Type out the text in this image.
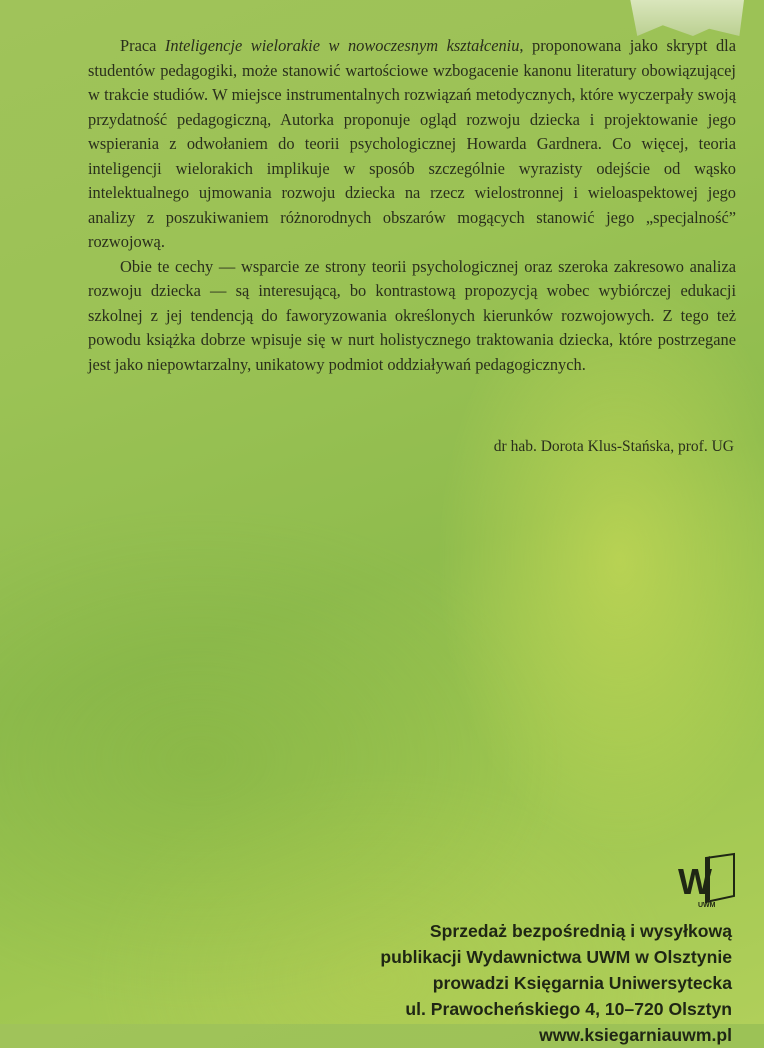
Praca Inteligencje wielorakie w nowoczesnym kształceniu, proponowana jako skrypt dla studentów pedagogiki, może stanowić wartościowe wzbogacenie kanonu literatury obowiązującej w trakcie studiów. W miejsce instrumentalnych rozwiązań metodycznych, które wyczerpały swoją przydatność pedagogiczną, Autorka proponuje ogląd rozwoju dziecka i projektowanie jego wspierania z odwołaniem do teorii psychologicznej Howarda Gardnera. Co więcej, teoria inteligencji wielorakich implikuje w sposób szczególnie wyrazisty odejście od wąsko intelektualnego ujmowania rozwoju dziecka na rzecz wielostronnej i wieloaspektowej jego analizy z poszukiwaniem różnorodnych obszarów mogących stanowić jego „specjalność” rozwojową.

Obie te cechy — wsparcie ze strony teorii psychologicznej oraz szeroka zakresowo analiza rozwoju dziecka — są interesującą, bo kontrastową propozycją wobec wybiórczej edukacji szkolnej z jej tendencją do faworyzowania określonych kierunków rozwojowych. Z tego też powodu książka dobrze wpisuje się w nurt holistycznego traktowania dziecka, które postrzegane jest jako niepowtarzalny, unikatowy podmiot oddziaływań pedagogicznych.

dr hab. Dorota Klus-Stańska, prof. UG
W
UWM
Sprzedaż bezpośrednią i wysyłkową
publikacji Wydawnictwa UWM w Olsztynie
prowadzi Księgarnia Uniwersytecka
ul. Prawocheńskiego 4, 10–720 Olsztyn
www.ksiegarniauwm.pl
